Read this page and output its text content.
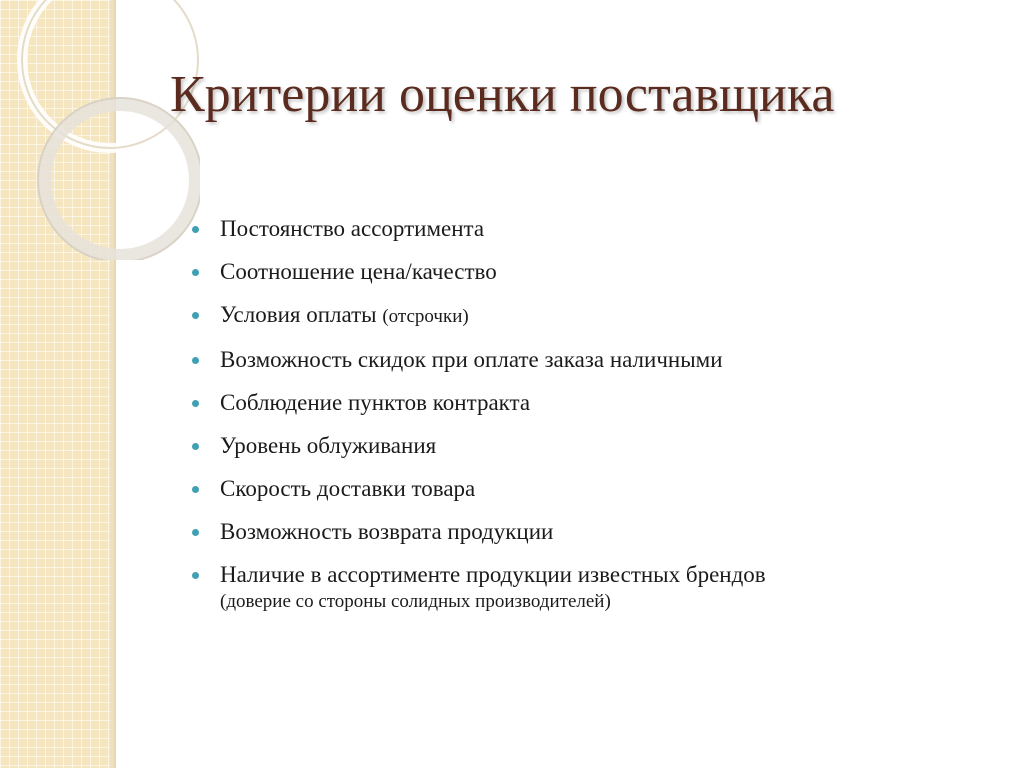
Критерии оценки поставщика
Постоянство ассортимента
Соотношение цена/качество
Условия оплаты (отсрочки)
Возможность скидок при оплате заказа наличными
Соблюдение пунктов контракта
Уровень облуживания
Скорость доставки товара
Возможность возврата продукции
Наличие в ассортименте продукции известных брендов
(доверие со стороны солидных производителей)
